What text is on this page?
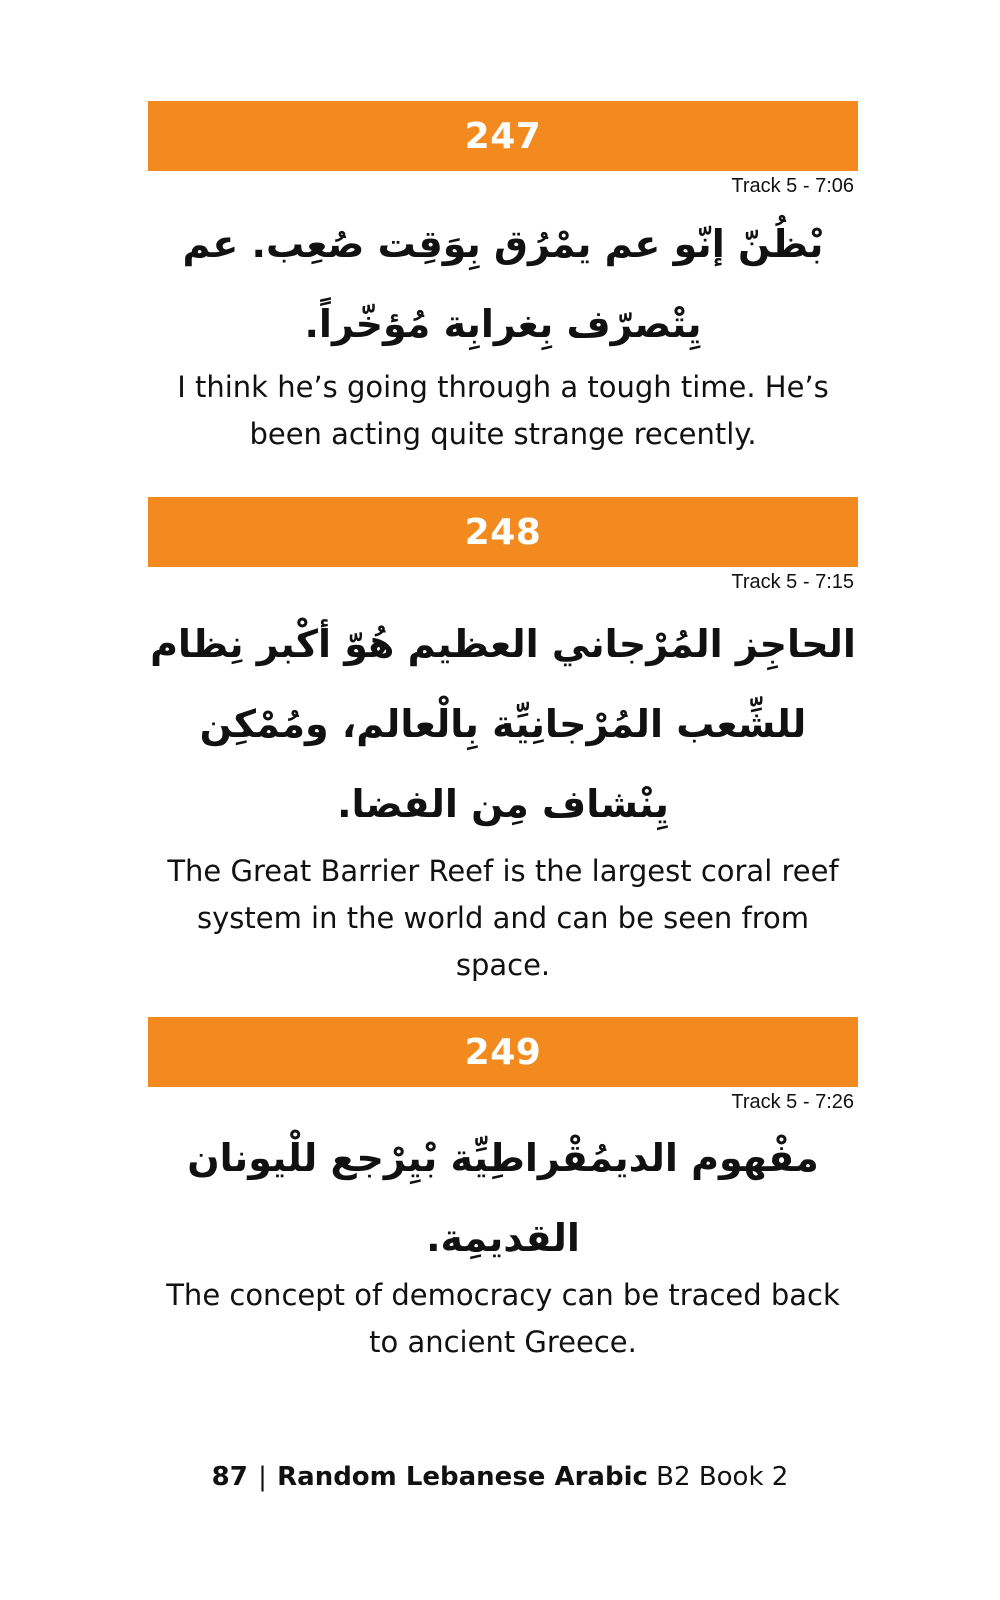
247
Track 5 - 7:06
بْظُنّ إنّو عم يمْرُق بِوَقِت صُعِب. عم يِتْصرّف بِغرابِة مُؤخّراً.
I think he’s going through a tough time. He’s been acting quite strange recently.
248
Track 5 - 7:15
الحاجِز المُرْجاني العظيم هُوّ أكْبر نِظام للشِّعب المُرْجانِيِّة بِالْعالم، ومُمْكِن يِنْشاف مِن الفضا.
The Great Barrier Reef is the largest coral reef system in the world and can be seen from space.
249
Track 5 - 7:26
مفْهوم الديمُقْراطِيِّة بْيِرْجع للْيونان القديمِة.
The concept of democracy can be traced back to ancient Greece.
87 | Random Lebanese Arabic B2 Book 2
